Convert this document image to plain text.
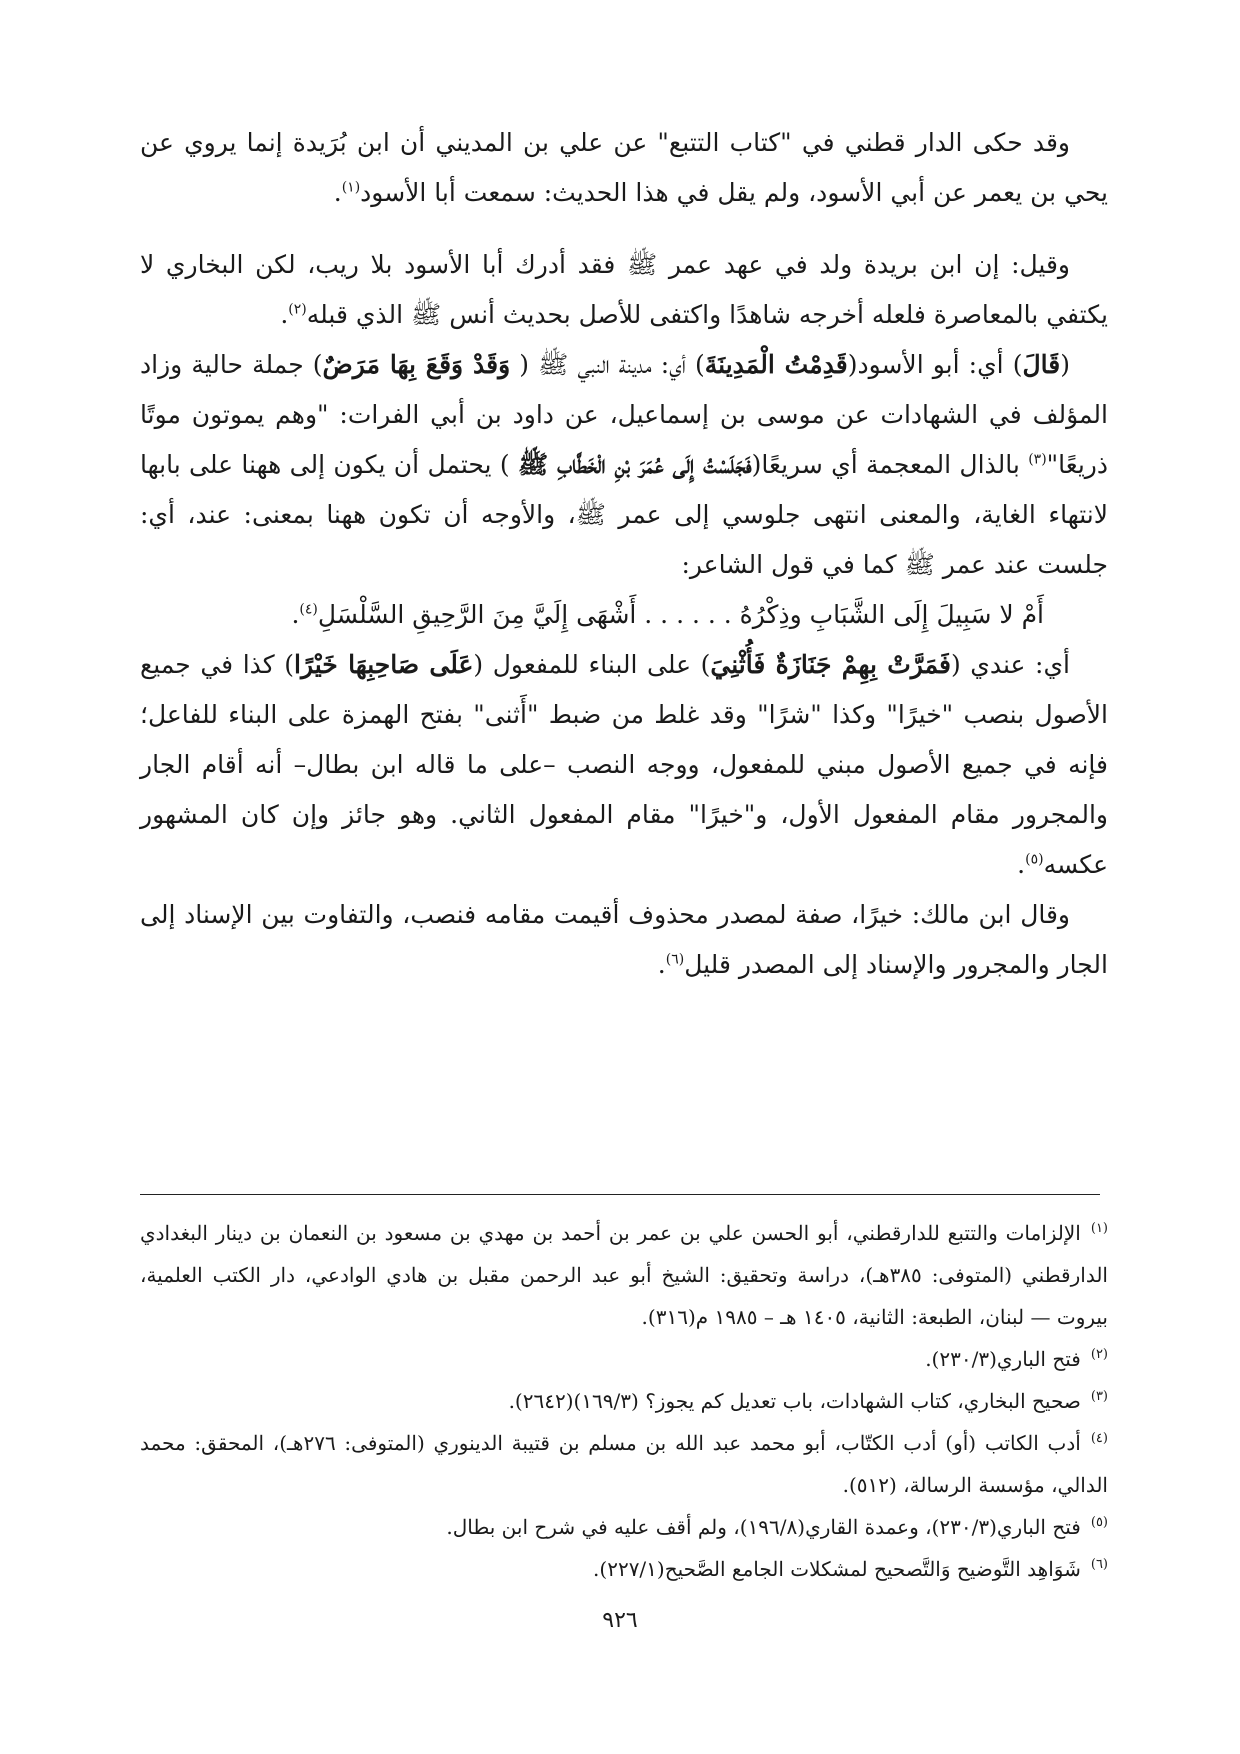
وقد حكى الدار قطني في "كتاب التتبع" عن علي بن المديني أن ابن بُرَيدة إنما يروي عن يحي بن يعمر عن أبي الأسود، ولم يقل في هذا الحديث: سمعت أبا الأسود$^{(١)}$.

وقيل: إن ابن بريدة ولد في عهد عمر ﷺ فقد أدرك أبا الأسود بلا ريب، لكن البخاري لا يكتفي بالمعاصرة فلعله أخرجه شاهدًا واكتفى للأصل بحديث أنس ﷺ الذي قبله$^{(٢)}$.

(قَالَ) أي: أبو الأسود(قَدِمْتُ الْمَدِينَةَ) أي: مدينة النبي ﷺ ( وَقَدْ وَقَعَ بِهَا مَرَضٌ) جملة حالية وزاد المؤلف في الشهادات عن موسى بن إسماعيل، عن داود بن أبي الفرات: "وهم يموتون موتًا ذريعًا"$^{(٣)}$ بالذال المعجمة أي سريعًا(فَجَلَسْتُ إِلَى عُمَرَ بْنِ الْخَطَّابِ ﷺ ) يحتمل أن يكون إلى ههنا على بابها لانتهاء الغاية، والمعنى انتهى جلوسي إلى عمر ﷺ، والأوجه أن تكون ههنا بمعنى: عند، أي: جلست عند عمر ﷺ كما في قول الشاعر:

أَمْ لا سَبِيلَ إِلَى الشَّبَابِ وذِكْرُهُ . . . . . . أَشْهَى إِلَيَّ مِنَ الرَّحِيقِ السَّلْسَلِ$^{(٤)}$.

أي: عندي (فَمَرَّتْ بِهِمْ جَنَازَةٌ فَأُثْنِيَ) على البناء للمفعول (عَلَى صَاحِبِهَا خَيْرًا) كذا في جميع الأصول بنصب "خيرًا" وكذا "شرًا" وقد غلط من ضبط "أَثنى" بفتح الهمزة على البناء للفاعل؛ فإنه في جميع الأصول مبني للمفعول، ووجه النصب –على ما قاله ابن بطال– أنه أقام الجار والمجرور مقام المفعول الأول، و"خيرًا" مقام المفعول الثاني. وهو جائز وإن كان المشهور عكسه$^{(٥)}$.

وقال ابن مالك: خيرًا، صفة لمصدر محذوف أقيمت مقامه فنصب، والتفاوت بين الإسناد إلى الجار والمجرور والإسناد إلى المصدر قليل$^{(٦)}$.

$^{(١)}$الإلزامات والتتبع للدارقطني، أبو الحسن علي بن عمر بن أحمد بن مهدي بن مسعود بن النعمان بن دينار البغدادي الدارقطني (المتوفى: ٣٨٥هـ)، دراسة وتحقيق: الشيخ أبو عبد الرحمن مقبل بن هادي الوادعي، دار الكتب العلمية، بيروت — لبنان، الطبعة: الثانية، ١٤٠٥ هـ – ١٩٨٥ م(٣١٦).

$^{(٢)}$فتح الباري(٢٣٠/٣).

$^{(٣)}$صحيح البخاري، كتاب الشهادات، باب تعديل كم يجوز؟ (١٦٩/٣)(٢٦٤٢).

$^{(٤)}$أدب الكاتب (أو) أدب الكتّاب، أبو محمد عبد الله بن مسلم بن قتيبة الدينوري (المتوفى: ٢٧٦هـ)، المحقق: محمد الدالي، مؤسسة الرسالة، (٥١٢).

$^{(٥)}$فتح الباري(٢٣٠/٣)، وعمدة القاري(١٩٦/٨)، ولم أقف عليه في شرح ابن بطال.

$^{(٦)}$شَوَاهِد التَّوضيح وَالتَّصحيح لمشكلات الجامع الصَّحيح(٢٢٧/١).

٩٢٦
